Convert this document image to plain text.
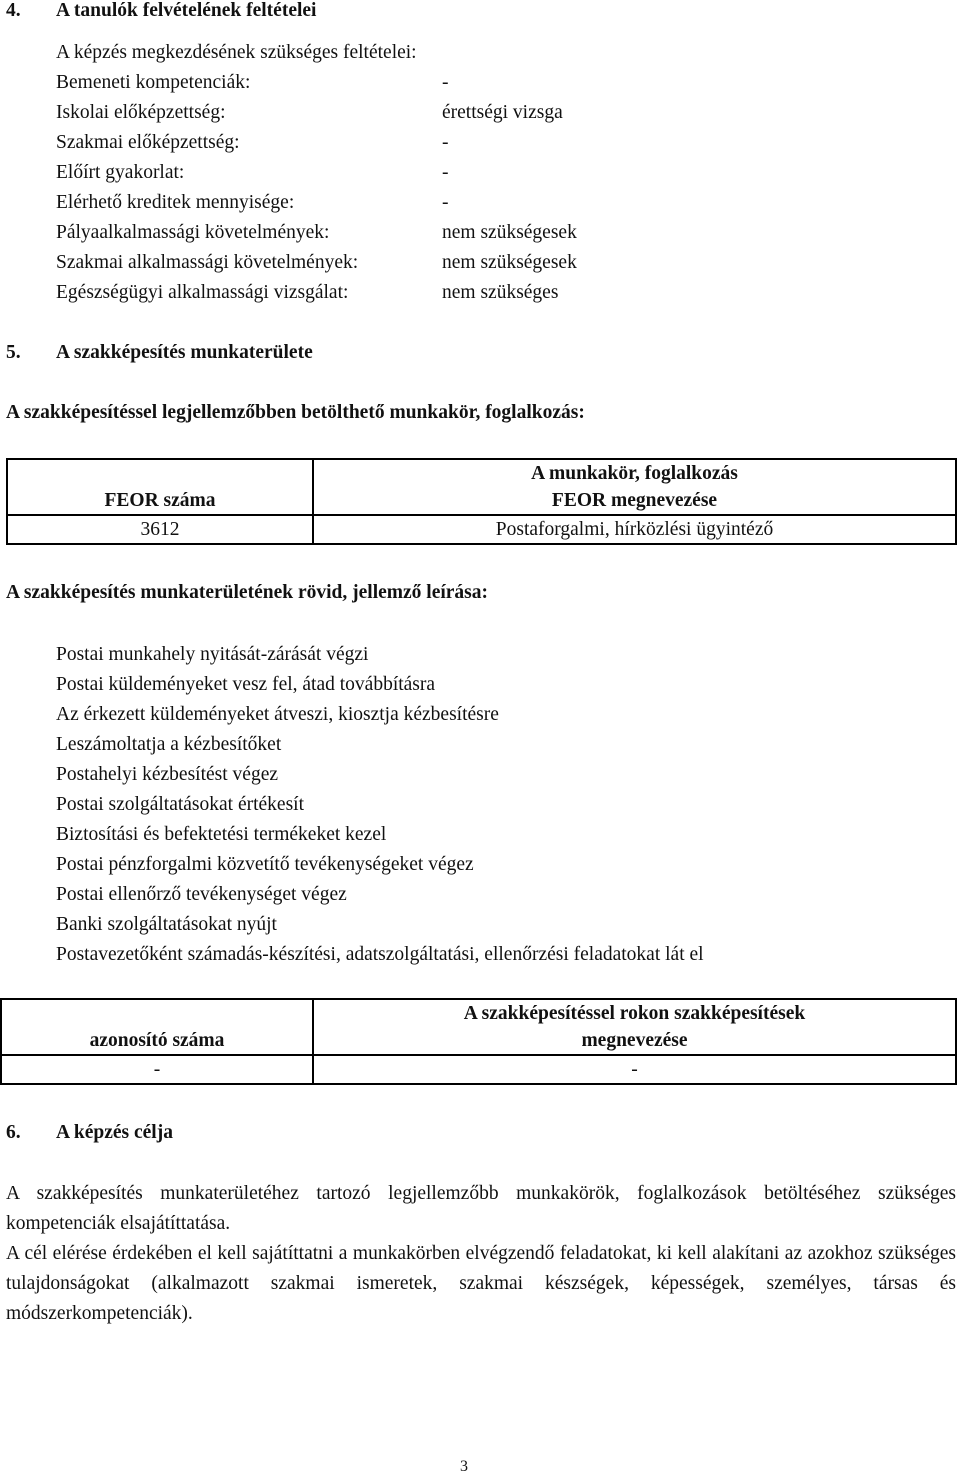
4. A tanulók felvételének feltételei
A képzés megkezdésének szükséges feltételei:
Bemeneti kompetenciák:	-
Iskolai előképzettség:	érettségi vizsga
Szakmai előképzettség:	-
Előírt gyakorlat:	-
Elérhető kreditek mennyisége:	-
Pályaalkalmassági követelmények:	nem szükségesek
Szakmai alkalmassági követelmények:	nem szükségesek
Egészségügyi alkalmassági vizsgálat:	nem szükséges
5. A szakképesítés munkaterülete
A szakképesítéssel legjellemzőbben betölthető munkakör, foglalkozás:
	A munkakör, foglalkozás
FEOR száma	FEOR megnevezése
3612	Postaforgalmi, hírközlési ügyintéző
A szakképesítés munkaterületének rövid, jellemző leírása:
Postai munkahely nyitását-zárását végzi
Postai küldeményeket vesz fel, átad továbbításra
Az érkezett küldeményeket átveszi, kiosztja kézbesítésre
Leszámoltatja a kézbesítőket
Postahelyi kézbesítést végez
Postai szolgáltatásokat értékesít
Biztosítási és befektetési termékeket kezel
Postai pénzforgalmi közvetítő tevékenységeket végez
Postai ellenőrző tevékenységet végez
Banki szolgáltatásokat nyújt
Postavezetőként számadás-készítési, adatszolgáltatási, ellenőrzési feladatokat lát el
	A szakképesítéssel rokon szakképesítések
azonosító száma	megnevezése
-	-
6. A képzés célja
A szakképesítés munkaterületéhez tartozó legjellemzőbb munkakörök, foglalkozások betöltéséhez szükséges kompetenciák elsajátíttatása.
A cél elérése érdekében el kell sajátíttatni a munkakörben elvégzendő feladatokat, ki kell alakítani az azokhoz szükséges tulajdonságokat (alkalmazott szakmai ismeretek, szakmai készségek, képességek, személyes, társas és módszerkompetenciák).
3
